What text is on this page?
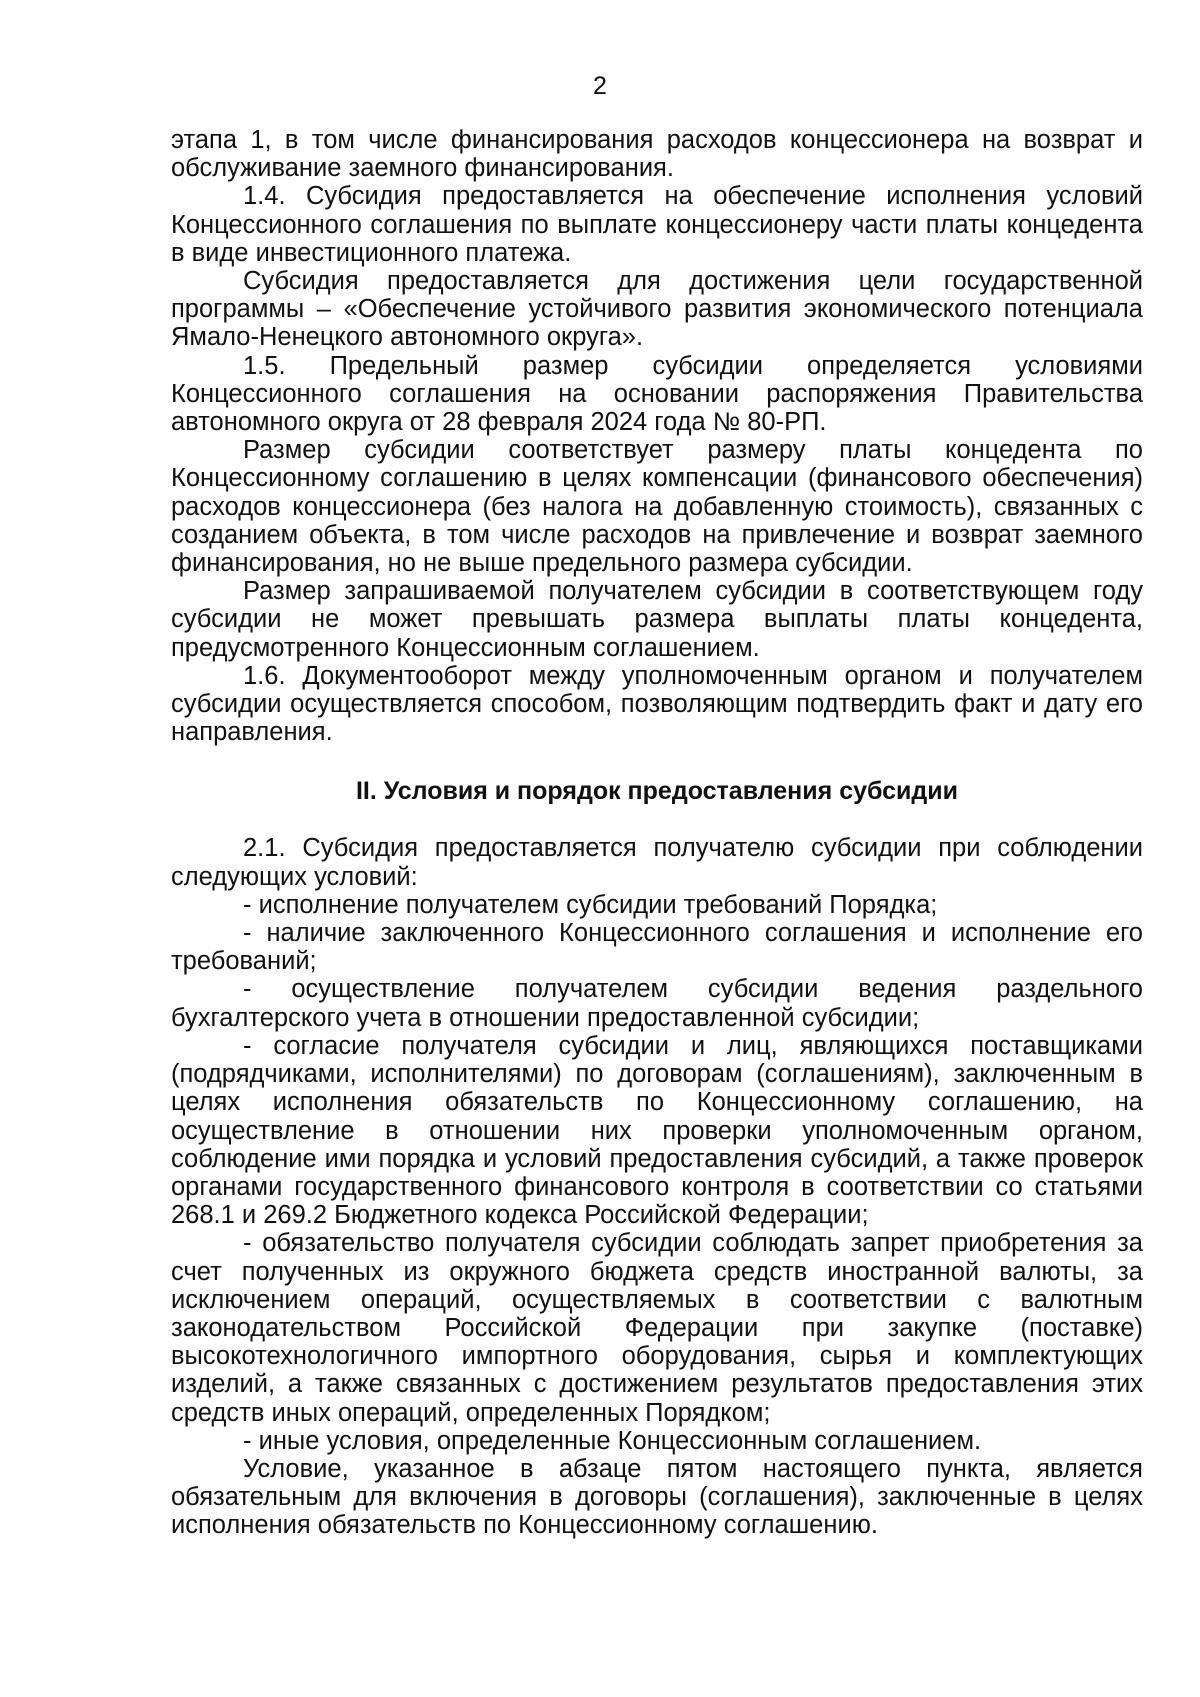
2

этапа 1, в том числе финансирования расходов концессионера на возврат и обслуживание заемного финансирования.

1.4. Субсидия предоставляется на обеспечение исполнения условий Концессионного соглашения по выплате концессионеру части платы концедента в виде инвестиционного платежа.

Субсидия предоставляется для достижения цели государственной программы – «Обеспечение устойчивого развития экономического потенциала Ямало-Ненецкого автономного округа».

1.5. Предельный размер субсидии определяется условиями Концессионного соглашения на основании распоряжения Правительства автономного округа от 28 февраля 2024 года № 80-РП.

Размер субсидии соответствует размеру платы концедента по Концессионному соглашению в целях компенсации (финансового обеспечения) расходов концессионера (без налога на добавленную стоимость), связанных с созданием объекта, в том числе расходов на привлечение и возврат заемного финансирования, но не выше предельного размера субсидии.

Размер запрашиваемой получателем субсидии в соответствующем году субсидии не может превышать размера выплаты платы концедента, предусмотренного Концессионным соглашением.

1.6. Документооборот между уполномоченным органом и получателем субсидии осуществляется способом, позволяющим подтвердить факт и дату его направления.

II. Условия и порядок предоставления субсидии

2.1. Субсидия предоставляется получателю субсидии при соблюдении следующих условий:

- исполнение получателем субсидии требований Порядка;

- наличие заключенного Концессионного соглашения и исполнение его требований;

- осуществление получателем субсидии ведения раздельного бухгалтерского учета в отношении предоставленной субсидии;

- согласие получателя субсидии и лиц, являющихся поставщиками (подрядчиками, исполнителями) по договорам (соглашениям), заключенным в целях исполнения обязательств по Концессионному соглашению, на осуществление в отношении них проверки уполномоченным органом, соблюдение ими порядка и условий предоставления субсидий, а также проверок органами государственного финансового контроля в соответствии со статьями 268.1 и 269.2 Бюджетного кодекса Российской Федерации;

- обязательство получателя субсидии соблюдать запрет приобретения за счет полученных из окружного бюджета средств иностранной валюты, за исключением операций, осуществляемых в соответствии с валютным законодательством Российской Федерации при закупке (поставке) высокотехнологичного импортного оборудования, сырья и комплектующих изделий, а также связанных с достижением результатов предоставления этих средств иных операций, определенных Порядком;

- иные условия, определенные Концессионным соглашением.

Условие, указанное в абзаце пятом настоящего пункта, является обязательным для включения в договоры (соглашения), заключенные в целях исполнения обязательств по Концессионному соглашению.
